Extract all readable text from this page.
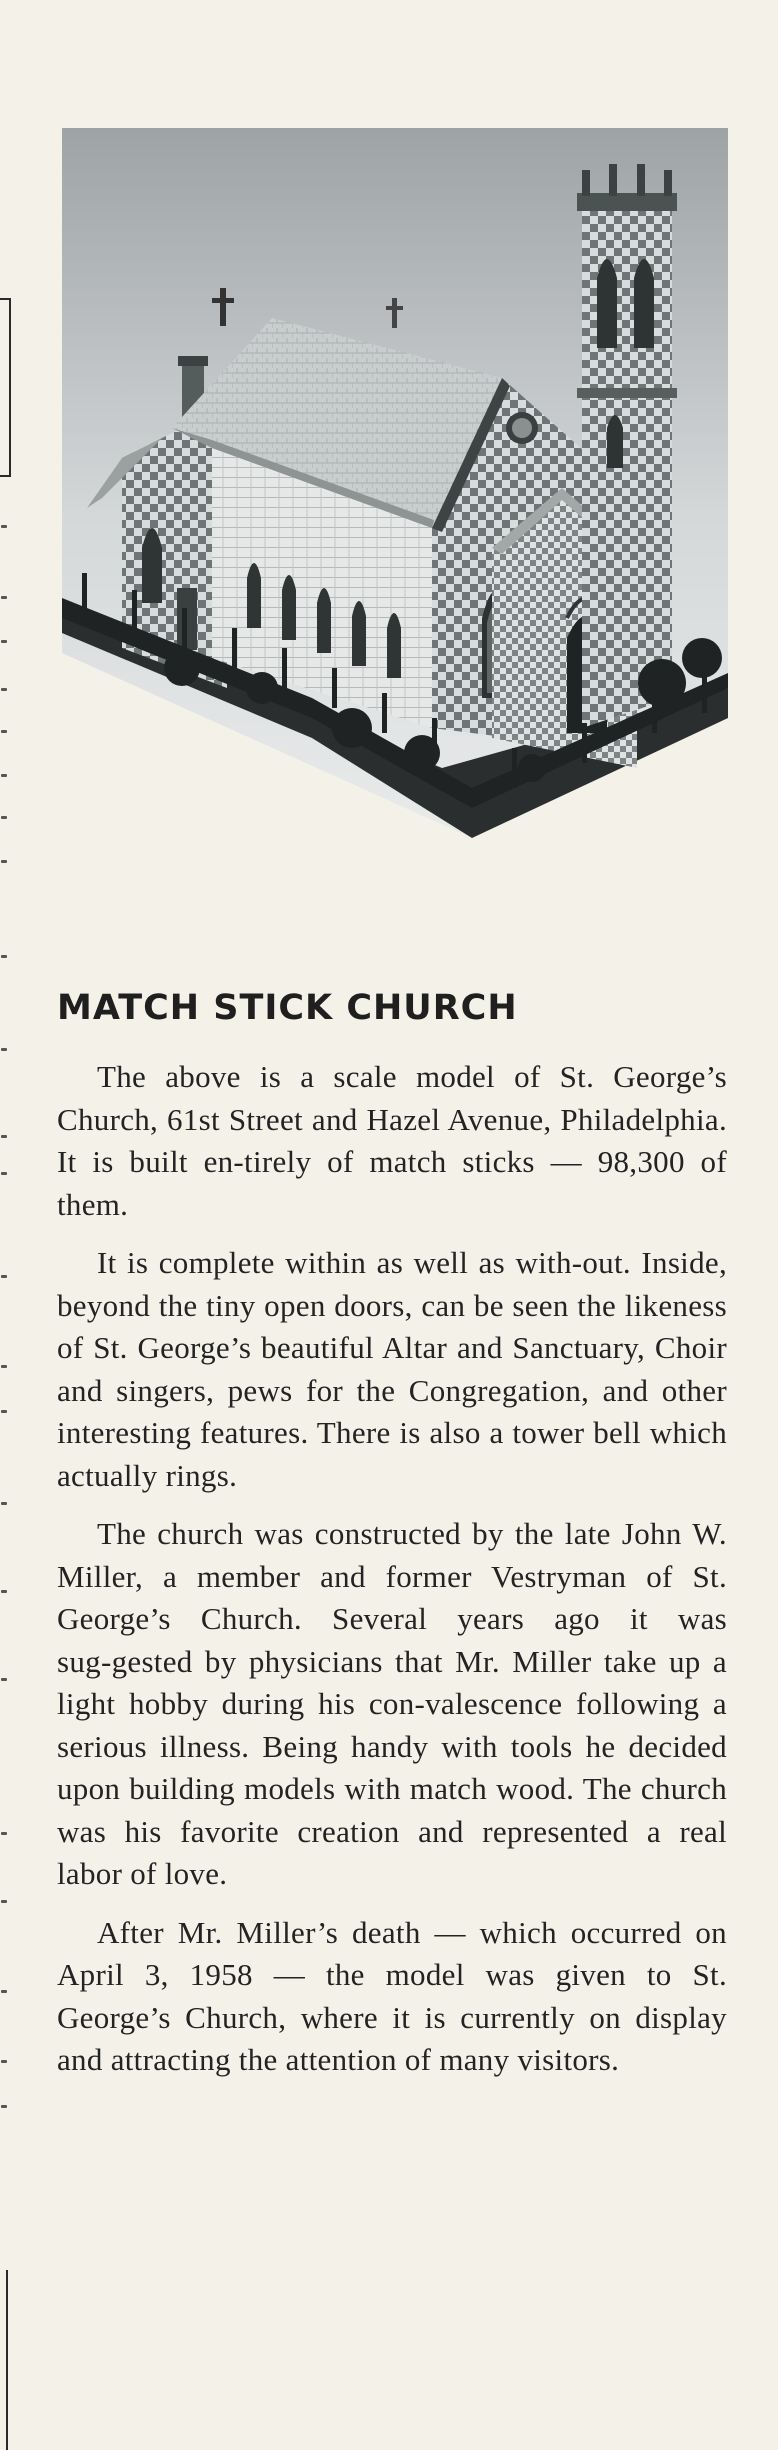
MATCH STICK CHURCH

The above is a scale model of St. George’s Church, 61st Street and Hazel Avenue, Philadelphia. It is built en‑tirely of match sticks — 98,300 of them.

It is complete within as well as with‑out. Inside, beyond the tiny open doors, can be seen the likeness of St. George’s beautiful Altar and Sanctuary, Choir and singers, pews for the Congregation, and other interesting features. There is also a tower bell which actually rings.

The church was constructed by the late John W. Miller, a member and former Vestryman of St. George’s Church. Several years ago it was sug‑gested by physicians that Mr. Miller take up a light hobby during his con‑valescence following a serious illness. Being handy with tools he decided upon building models with match wood. The church was his favorite creation and represented a real labor of love.

After Mr. Miller’s death — which occurred on April 3, 1958 — the model was given to St. George’s Church, where it is currently on display and attracting the attention of many visitors.
